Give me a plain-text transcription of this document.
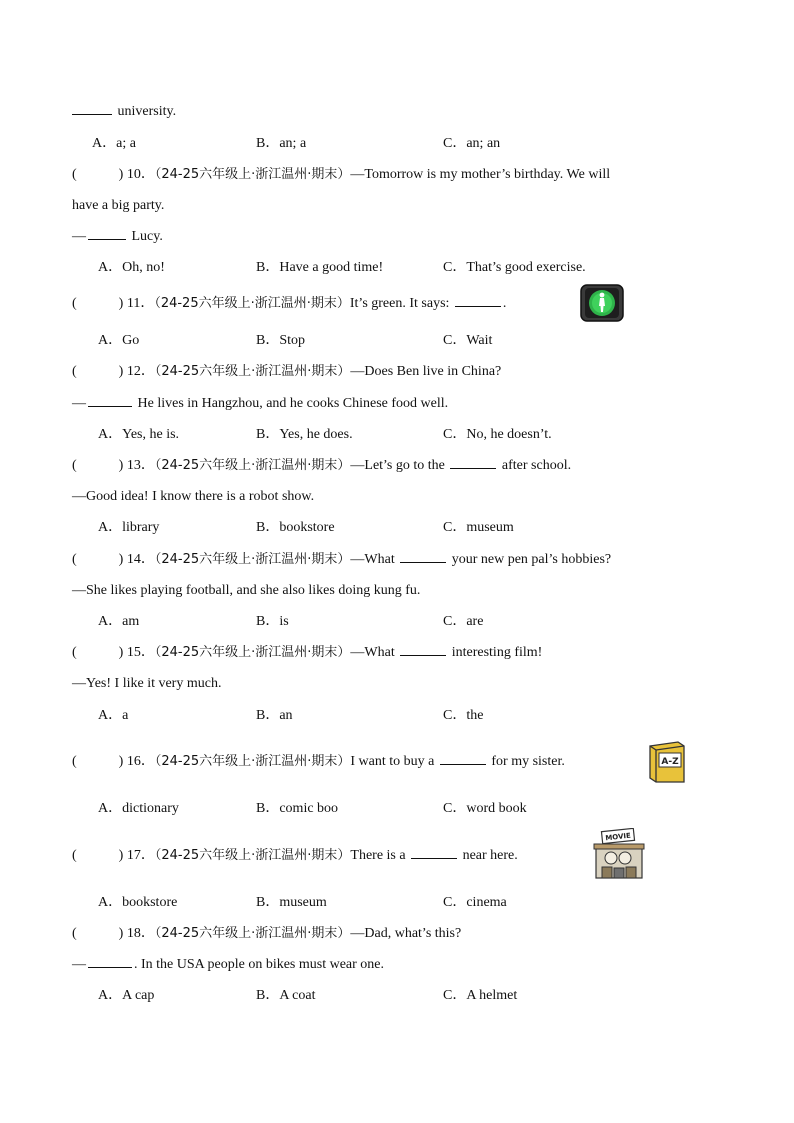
university.
A．a; a	B．an; a	C．an; an
(	) 10．（24-25六年级上·浙江温州·期末）—Tomorrow is my mother’s birthday. We will
have a big party.
—	Lucy.
A．Oh, no!	B．Have a good time!	C．That’s good exercise.
(	) 11．（24-25六年级上·浙江温州·期末）It’s green. It says:	.
A．Go	B．Stop	C．Wait
(	) 12．（24-25六年级上·浙江温州·期末）—Does Ben live in China?
—	He lives in Hangzhou, and he cooks Chinese food well.
A．Yes, he is.	B．Yes, he does.	C．No, he doesn’t.
(	) 13．（24-25六年级上·浙江温州·期末）—Let’s go to the	after school.
—Good idea! I know there is a robot show.
A．library	B．bookstore	C．museum
(	) 14．（24-25六年级上·浙江温州·期末）—What	your new pen pal’s hobbies?
—She likes playing football, and she also likes doing kung fu.
A．am	B．is	C．are
(	) 15．（24-25六年级上·浙江温州·期末）—What	interesting film!
—Yes! I like it very much.
A．a	B．an	C．the
(	) 16．（24-25六年级上·浙江温州·期末）I want to buy a	for my sister.	A-Z
A．dictionary	B．comic boo	C．word book
(	) 17．（24-25六年级上·浙江温州·期末）There is a	near here.
MOVIE
A．bookstore	B．museum	C．cinema
(	) 18．（24-25六年级上·浙江温州·期末）—Dad, what’s this?
—	. In the USA people on bikes must wear one.
A．A cap	B．A coat	C．A helmet
